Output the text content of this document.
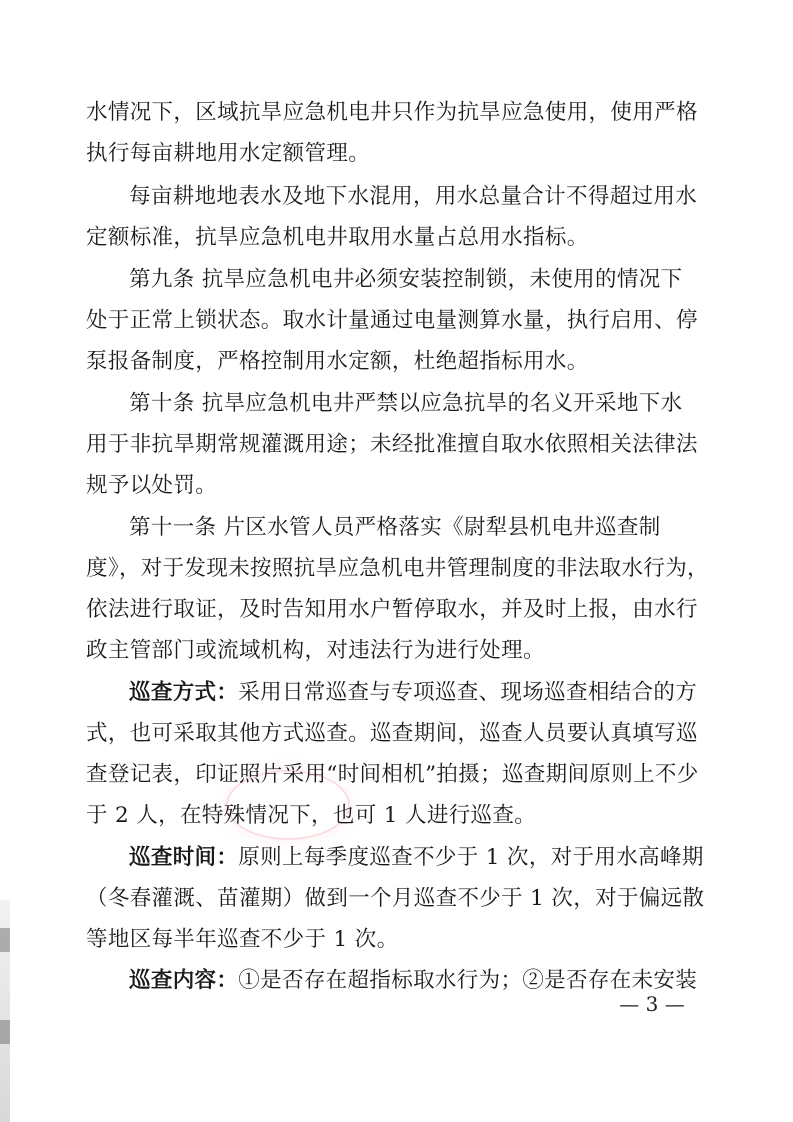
水情况下，区域抗旱应急机电井只作为抗旱应急使用，使用严格
执行每亩耕地用水定额管理。
每亩耕地地表水及地下水混用，用水总量合计不得超过用水
定额标准，抗旱应急机电井取用水量占总用水指标。
第九条 抗旱应急机电井必须安装控制锁，未使用的情况下
处于正常上锁状态。取水计量通过电量测算水量，执行启用、停
泵报备制度，严格控制用水定额，杜绝超指标用水。
第十条 抗旱应急机电井严禁以应急抗旱的名义开采地下水
用于非抗旱期常规灌溉用途；未经批准擅自取水依照相关法律法
规予以处罚。
第十一条 片区水管人员严格落实《尉犁县机电井巡查制
度》，对于发现未按照抗旱应急机电井管理制度的非法取水行为，
依法进行取证，及时告知用水户暂停取水，并及时上报，由水行
政主管部门或流域机构，对违法行为进行处理。
巡查方式：采用日常巡查与专项巡查、现场巡查相结合的方
式，也可采取其他方式巡查。巡查期间，巡查人员要认真填写巡
查登记表，印证照片采用“时间相机”拍摄；巡查期间原则上不少
于 2 人，在特殊情况下，也可 1 人进行巡查。
巡查时间：原则上每季度巡查不少于 1 次，对于用水高峰期
（冬春灌溉、苗灌期）做到一个月巡查不少于 1 次，对于偏远散
等地区每半年巡查不少于 1 次。
巡查内容：①是否存在超指标取水行为；②是否存在未安装
— 3 —
